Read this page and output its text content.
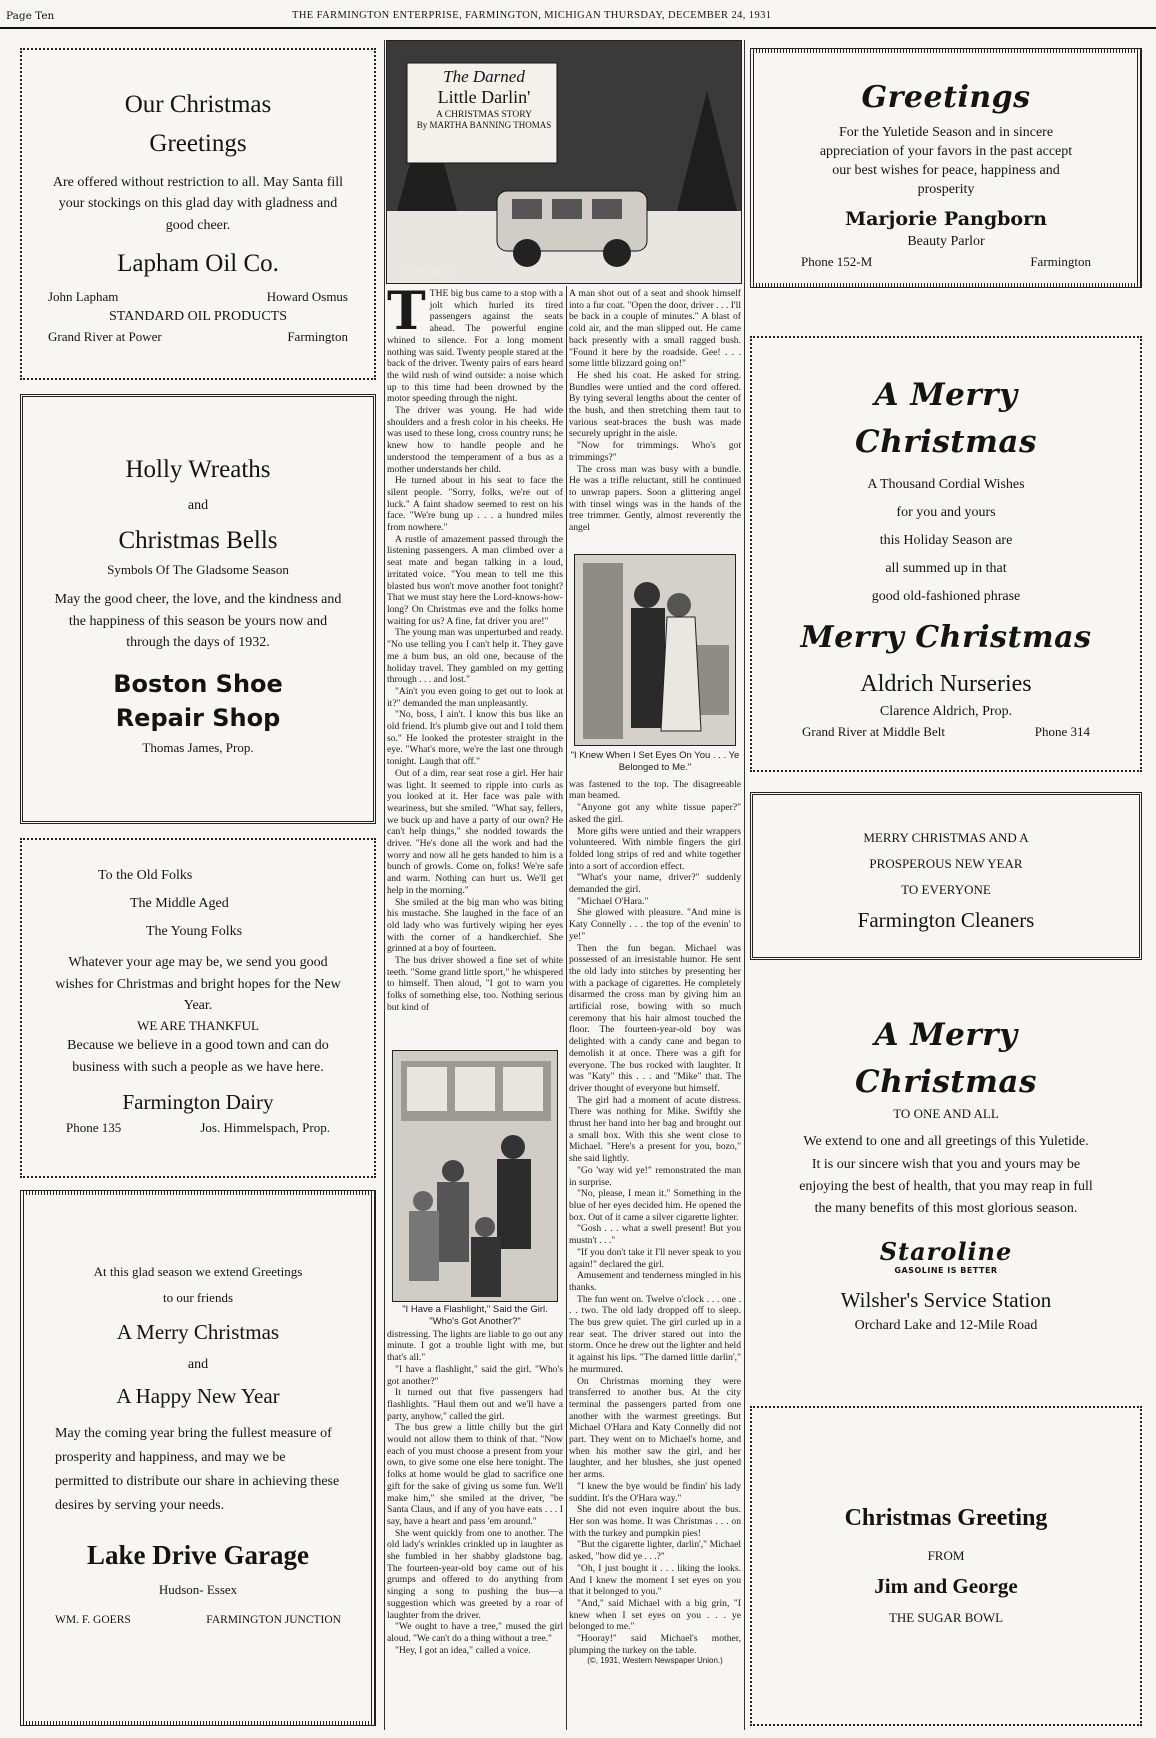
Page Ten	THE FARMINGTON ENTERPRISE, FARMINGTON, MICHIGAN THURSDAY, DECEMBER 24, 1931
Our Christmas
Greetings
Are offered without restriction to all. May Santa fill your stockings on this glad day with gladness and good cheer.
Lapham Oil Co.
John Lapham	Howard Osmus
STANDARD OIL PRODUCTS
Grand River at Power	Farmington
Holly Wreaths
and
Christmas Bells
Symbols Of The Gladsome Season
May the good cheer, the love, and the kindness and the happiness of this season be yours now and through the days of 1932.
Boston Shoe
Repair Shop
Thomas James, Prop.
To the Old Folks
The Middle Aged
The Young Folks
Whatever your age may be, we send you good wishes for Christmas and bright hopes for the New Year.
WE ARE THANKFUL
Because we believe in a good town and can do business with such a people as we have here.
Farmington Dairy
Phone 135	Jos. Himmelspach, Prop.
At this glad season we extend Greetings
to our friends
A Merry Christmas
and
A Happy New Year
May the coming year bring the fullest measure of prosperity and happiness, and may we be permitted to distribute our share in achieving these desires by serving your needs.
Lake Drive Garage
Hudson- Essex
WM. F. GOERS	FARMINGTON JUNCTION
The Darned
Little Darlin'
A CHRISTMAS STORY
By MARTHA BANNING THOMAS
HERBERT RHODES
T THE big bus came to a stop with a jolt which hurled its tired passengers against the seats ahead. The powerful engine whined to silence. For a long moment nothing was said. Twenty people stared at the back of the driver. Twenty pairs of ears heard the wild rush of wind outside: a noise which up to this time had been drowned by the motor speeding through the night.

The driver was young. He had wide shoulders and a fresh color in his cheeks. He was used to these long, cross country runs; he knew how to handle people and he understood the temperament of a bus as a mother understands her child.

He turned about in his seat to face the silent people. "Sorry, folks, we're out of luck." A faint shadow seemed to rest on his face. "We're bung up . . . a hundred miles from nowhere."

A rustle of amazement passed through the listening passengers. A man climbed over a seat mate and began talking in a loud, irritated voice. "You mean to tell me this blasted bus won't move another foot tonight? That we must stay here the Lord-knows-how-long? On Christmas eve and the folks home waiting for us? A fine, fat driver you are!"

The young man was unperturbed and ready. "No use telling you I can't help it. They gave me a bum bus, an old one, because of the holiday travel. They gambled on my getting through . . . and lost."

"Ain't you even going to get out to look at it?" demanded the man unpleasantly.

"No, boss, I ain't. I know this bus like an old friend. It's plumb give out and I told them so." He looked the protester straight in the eye. "What's more, we're the last one through tonight. Laugh that off."

Out of a dim, rear seat rose a girl. Her hair was light. It seemed to ripple into curls as you looked at it. Her face was pale with weariness, but she smiled. "What say, fellers, we buck up and have a party of our own? He can't help things," she nodded towards the driver. "He's done all the work and had the worry and now all he gets handed to him is a bunch of growls. Come on, folks! We're safe and warm. Nothing can hurt us. We'll get help in the morning."

She smiled at the big man who was biting his mustache. She laughed in the face of an old lady who was furtively wiping her eyes with the corner of a handkerchief. She grinned at a boy of fourteen.

The bus driver showed a fine set of white teeth. "Some grand little sport," he whispered to himself. Then aloud, "I got to warn you folks of something else, too. Nothing serious but kind of

"I Have a Flashlight," Said the Girl. "Who's Got Another?"

distressing. The lights are liable to go out any minute. I got a trouble light with me, but that's all."

"I have a flashlight," said the girl. "Who's got another?"

It turned out that five passengers had flashlights. "Haul them out and we'll have a party, anyhow," called the girl.

The bus grew a little chilly but the girl would not allow them to think of that. "Now each of you must choose a present from your own, to give some one else here tonight. The folks at home would be glad to sacrifice one gift for the sake of giving us some fun. We'll make him," she smiled at the driver, "be Santa Claus, and if any of you have eats . . . I say, have a heart and pass 'em around."

She went quickly from one to another. The old lady's wrinkles crinkled up in laughter as she fumbled in her shabby gladstone bag. The fourteen-year-old boy came out of his grumps and offered to do anything from singing a song to pushing the bus—a suggestion which was greeted by a roar of laughter from the driver.

"We ought to have a tree," mused the girl aloud. "We can't do a thing without a tree."

"Hey, I got an idea," called a voice.

A man shot out of a seat and shook himself into a fur coat. "Open the door, driver . . . I'll be back in a couple of minutes." A blast of cold air, and the man slipped out. He came back presently with a small ragged bush. "Found it here by the roadside. Gee! . . . some little blizzard going on!"

He shed his coat. He asked for string. Bundles were untied and the cord offered. By tying several lengths about the center of the bush, and then stretching them taut to various seat-braces the bush was made securely upright in the aisle.

"Now for trimmings. Who's got trimmings?"

The cross man was busy with a bundle. He was a trifle reluctant, still he continued to unwrap papers. Soon a glittering angel with tinsel wings was in the hands of the tree trimmer. Gently, almost reverently the angel

"I Knew When I Set Eyes On You . . . Ye Belonged to Me."

was fastened to the top. The disagreeable man beamed.

"Anyone got any white tissue paper?" asked the girl.

More gifts were untied and their wrappers volunteered. With nimble fingers the girl folded long strips of red and white together into a sort of accordion effect.

"What's your name, driver?" suddenly demanded the girl.

"Michael O'Hara."

She glowed with pleasure. "And mine is Katy Connelly . . . the top of the evenin' to ye!"

Then the fun began. Michael was possessed of an irresistable humor. He sent the old lady into stitches by presenting her with a package of cigarettes. He completely disarmed the cross man by giving him an artificial rose, bowing with so much ceremony that his hair almost touched the floor. The fourteen-year-old boy was delighted with a candy cane and began to demolish it at once. There was a gift for everyone. The bus rocked with laughter. It was "Katy" this . . . and "Mike" that. The driver thought of everyone but himself.

The girl had a moment of acute distress. There was nothing for Mike. Swiftly she thrust her hand into her bag and brought out a small box. With this she went close to Michael. "Here's a present for you, bozo," she said lightly.

"Go 'way wid ye!" remonstrated the man in surprise.

"No, please, I mean it." Something in the blue of her eyes decided him. He opened the box. Out of it came a silver cigarette lighter.

"Gosh . . . what a swell present! But you mustn't . . ."

"If you don't take it I'll never speak to you again!" declared the girl.

Amusement and tenderness mingled in his thanks.

The fun went on. Twelve o'clock . . . one . . . two. The old lady dropped off to sleep. The bus grew quiet. The girl curled up in a rear seat. The driver stared out into the storm. Once he drew out the lighter and held it against his lips. "The darned little darlin'," he murmured.

On Christmas morning they were transferred to another bus. At the city terminal the passengers parted from one another with the warmest greetings. But Michael O'Hara and Katy Connelly did not part. They went on to Michael's home, and when his mother saw the girl, and her laughter, and her blushes, she just opened her arms.

"I knew the bye would be findin' his lady suddint. It's the O'Hara way."

She did not even inquire about the bus. Her son was home. It was Christmas . . . on with the turkey and pumpkin pies!

"But the cigarette lighter, darlin'," Michael asked, "how did ye . . .?"

"Oh, I just bought it . . . liking the looks. And I knew the moment I set eyes on you that it belonged to you."

"And," said Michael with a big grin, "I knew when I set eyes on you . . . ye belonged to me."

"Hooray!" said Michael's mother, plumping the turkey on the table.

(©, 1931, Western Newspaper Union.)
Greetings
For the Yuletide Season and in sincere appreciation of your favors in the past accept our best wishes for peace, happiness and prosperity
Marjorie Pangborn
Beauty Parlor
Phone 152-M	Farmington
A Merry Christmas
A Thousand Cordial Wishes
for you and yours
this Holiday Season are
all summed up in that
good old-fashioned phrase
Merry Christmas
Aldrich Nurseries
Clarence Aldrich, Prop.
Grand River at Middle Belt	Phone 314
MERRY CHRISTMAS AND A
PROSPEROUS NEW YEAR
TO EVERYONE
Farmington Cleaners
A Merry Christmas
TO ONE AND ALL
We extend to one and all greetings of this Yuletide.
It is our sincere wish that you and yours may be enjoying the best of health, that you may reap in full the many benefits of this most glorious season.
Staroline
GASOLINE IS BETTER
Wilsher's Service Station
Orchard Lake and 12-Mile Road
Christmas Greeting
FROM
Jim and George
THE SUGAR BOWL
